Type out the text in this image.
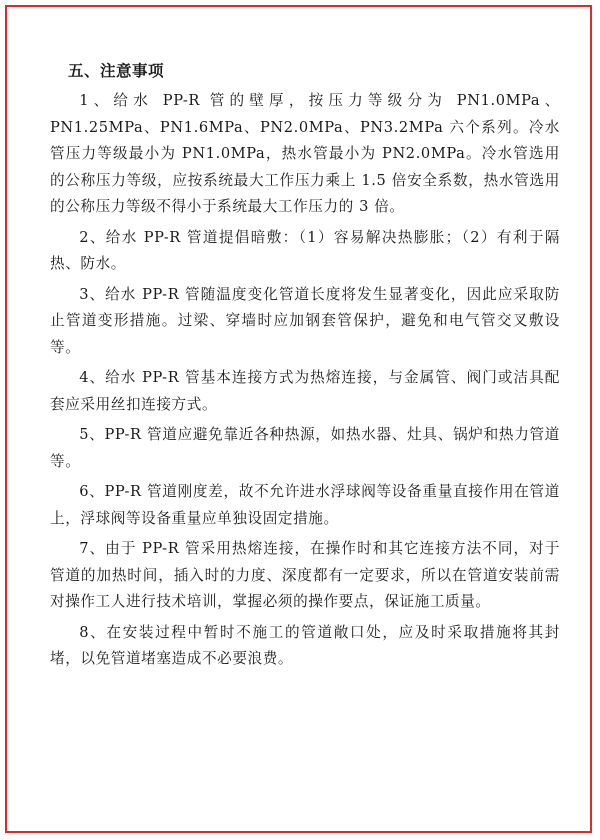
五、注意事项

1、给水 PP-R 管的壁厚，按压力等级分为 PN1.0MPa、PN1.25MPa、PN1.6MPa、PN2.0MPa、PN3.2MPa 六个系列。冷水管压力等级最小为 PN1.0MPa，热水管最小为 PN2.0MPa。冷水管选用的公称压力等级，应按系统最大工作压力乘上 1.5 倍安全系数，热水管选用的公称压力等级不得小于系统最大工作压力的 3 倍。

2、给水 PP-R 管道提倡暗敷：（1）容易解决热膨胀；（2）有利于隔热、防水。

3、给水 PP-R 管随温度变化管道长度将发生显著变化，因此应采取防止管道变形措施。过梁、穿墙时应加钢套管保护，避免和电气管交叉敷设等。

4、给水 PP-R 管基本连接方式为热熔连接，与金属管、阀门或洁具配套应采用丝扣连接方式。

5、PP-R 管道应避免靠近各种热源，如热水器、灶具、锅炉和热力管道等。

6、PP-R 管道刚度差，故不允许进水浮球阀等设备重量直接作用在管道上，浮球阀等设备重量应单独设固定措施。

7、由于 PP-R 管采用热熔连接，在操作时和其它连接方法不同，对于管道的加热时间，插入时的力度、深度都有一定要求，所以在管道安装前需对操作工人进行技术培训，掌握必须的操作要点，保证施工质量。

8、在安装过程中暂时不施工的管道敞口处，应及时采取措施将其封堵，以免管道堵塞造成不必要浪费。
